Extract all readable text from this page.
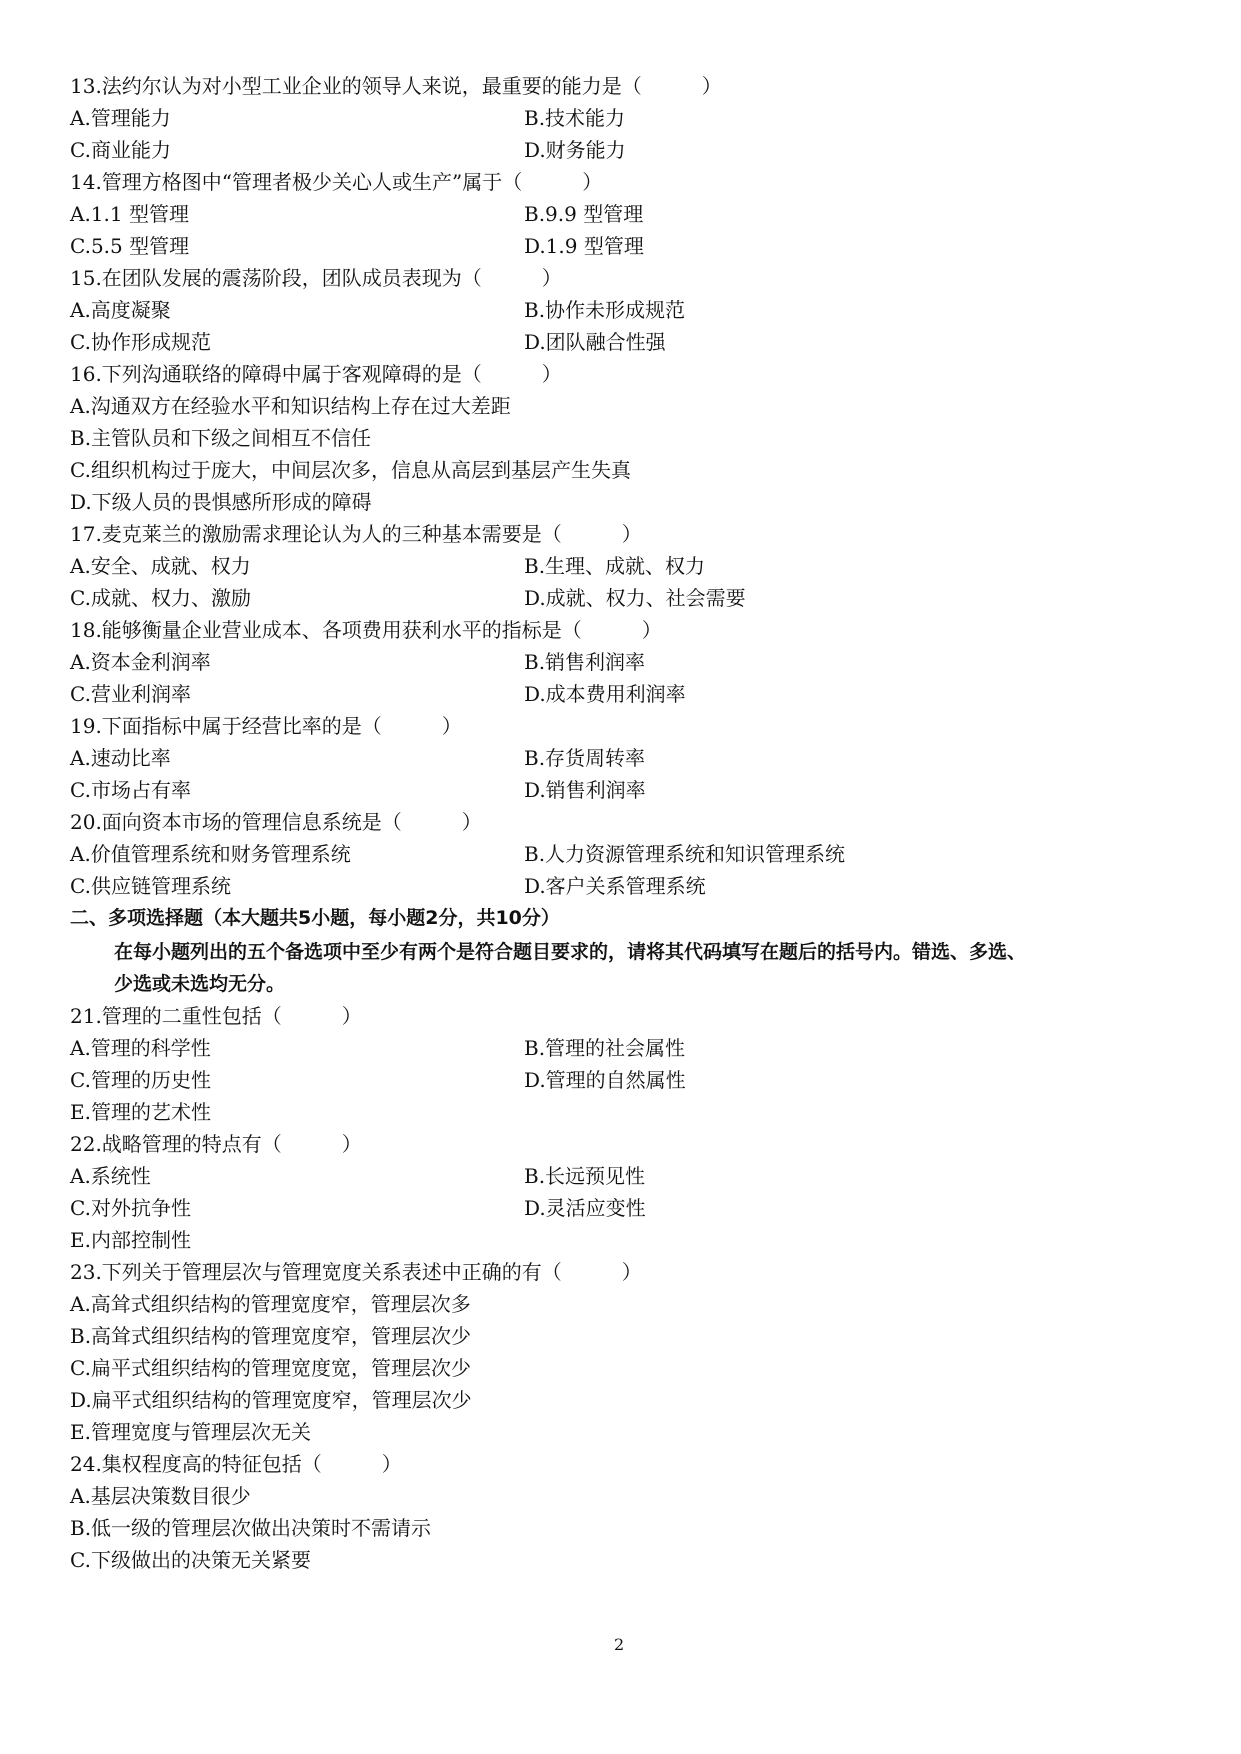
13.法约尔认为对小型工业企业的领导人来说，最重要的能力是（　　　）
A.管理能力	B.技术能力
C.商业能力	D.财务能力
14.管理方格图中“管理者极少关心人或生产”属于（　　　）
A.1.1 型管理	B.9.9 型管理
C.5.5 型管理	D.1.9 型管理
15.在团队发展的震荡阶段，团队成员表现为（　　　）
A.高度凝聚	B.协作未形成规范
C.协作形成规范	D.团队融合性强
16.下列沟通联络的障碍中属于客观障碍的是（　　　）
A.沟通双方在经验水平和知识结构上存在过大差距
B.主管队员和下级之间相互不信任
C.组织机构过于庞大，中间层次多，信息从高层到基层产生失真
D.下级人员的畏惧感所形成的障碍
17.麦克莱兰的激励需求理论认为人的三种基本需要是（　　　）
A.安全、成就、权力	B.生理、成就、权力
C.成就、权力、激励	D.成就、权力、社会需要
18.能够衡量企业营业成本、各项费用获利水平的指标是（　　　）
A.资本金利润率	B.销售利润率
C.营业利润率	D.成本费用利润率
19.下面指标中属于经营比率的是（　　　）
A.速动比率	B.存货周转率
C.市场占有率	D.销售利润率
20.面向资本市场的管理信息系统是（　　　）
A.价值管理系统和财务管理系统	B.人力资源管理系统和知识管理系统
C.供应链管理系统	D.客户关系管理系统
二、多项选择题（本大题共5小题，每小题2分，共10分）
在每小题列出的五个备选项中至少有两个是符合题目要求的，请将其代码填写在题后的括号内。错选、多选、
少选或未选均无分。
21.管理的二重性包括（　　　）
A.管理的科学性	B.管理的社会属性
C.管理的历史性	D.管理的自然属性
E.管理的艺术性
22.战略管理的特点有（　　　）
A.系统性	B.长远预见性
C.对外抗争性	D.灵活应变性
E.内部控制性
23.下列关于管理层次与管理宽度关系表述中正确的有（　　　）
A.高耸式组织结构的管理宽度窄，管理层次多
B.高耸式组织结构的管理宽度窄，管理层次少
C.扁平式组织结构的管理宽度宽，管理层次少
D.扁平式组织结构的管理宽度窄，管理层次少
E.管理宽度与管理层次无关
24.集权程度高的特征包括（　　　）
A.基层决策数目很少
B.低一级的管理层次做出决策时不需请示
C.下级做出的决策无关紧要
2
